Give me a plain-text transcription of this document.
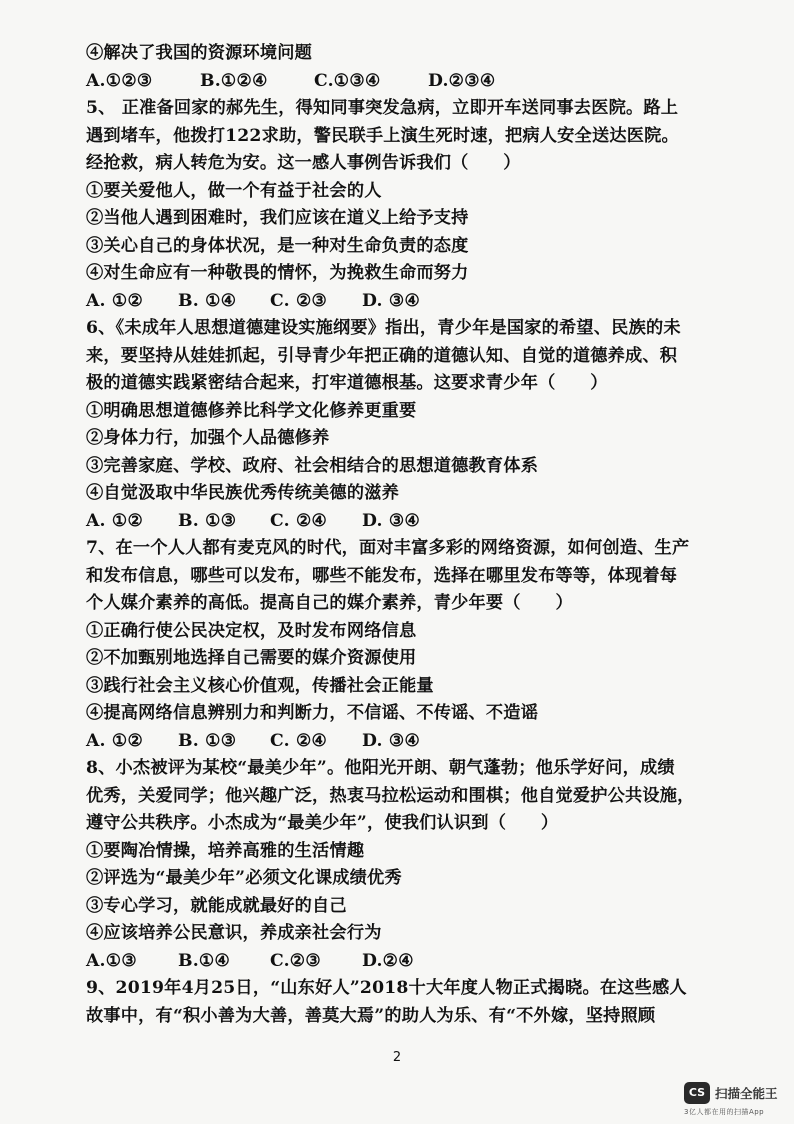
④解决了我国的资源环境问题
A.①②③	B.①②④	C.①③④	D.②③④
5、 正准备回家的郝先生，得知同事突发急病，立即开车送同事去医院。路上
遇到堵车，他拨打122求助，警民联手上演生死时速，把病人安全送达医院。
经抢救，病人转危为安。这一感人事例告诉我们（　　）
①要关爱他人，做一个有益于社会的人
②当他人遇到困难时，我们应该在道义上给予支持
③关心自己的身体状况，是一种对生命负责的态度
④对生命应有一种敬畏的情怀，为挽救生命而努力
A. ①②	B. ①④	C. ②③	D. ③④
6、《未成年人思想道德建设实施纲要》指出，青少年是国家的希望、民族的未
来，要坚持从娃娃抓起，引导青少年把正确的道德认知、自觉的道德养成、积
极的道德实践紧密结合起来，打牢道德根基。这要求青少年（　　）
①明确思想道德修养比科学文化修养更重要
②身体力行，加强个人品德修养
③完善家庭、学校、政府、社会相结合的思想道德教育体系
④自觉汲取中华民族优秀传统美德的滋养
A. ①②	B. ①③	C. ②④	D. ③④
7、在一个人人都有麦克风的时代，面对丰富多彩的网络资源，如何创造、生产
和发布信息，哪些可以发布，哪些不能发布，选择在哪里发布等等，体现着每
个人媒介素养的高低。提高自己的媒介素养，青少年要（　　）
①正确行使公民决定权，及时发布网络信息
②不加甄别地选择自己需要的媒介资源使用
③践行社会主义核心价值观，传播社会正能量
④提高网络信息辨别力和判断力，不信谣、不传谣、不造谣
A. ①②	B. ①③	C. ②④	D. ③④
8、小杰被评为某校“最美少年”。他阳光开朗、朝气蓬勃；他乐学好问，成绩
优秀，关爱同学；他兴趣广泛，热衷马拉松运动和围棋；他自觉爱护公共设施，
遵守公共秩序。小杰成为“最美少年”，使我们认识到（　　）
①要陶冶情操，培养高雅的生活情趣
②评选为“最美少年”必须文化课成绩优秀
③专心学习，就能成就最好的自己
④应该培养公民意识，养成亲社会行为
A.①③	B.①④	C.②③	D.②④
9、2019年4月25日，“山东好人”2018十大年度人物正式揭晓。在这些感人
故事中，有“积小善为大善，善莫大焉”的助人为乐、有“不外嫁，坚持照顾
2
CS 扫描全能王
3亿人都在用的扫描App
